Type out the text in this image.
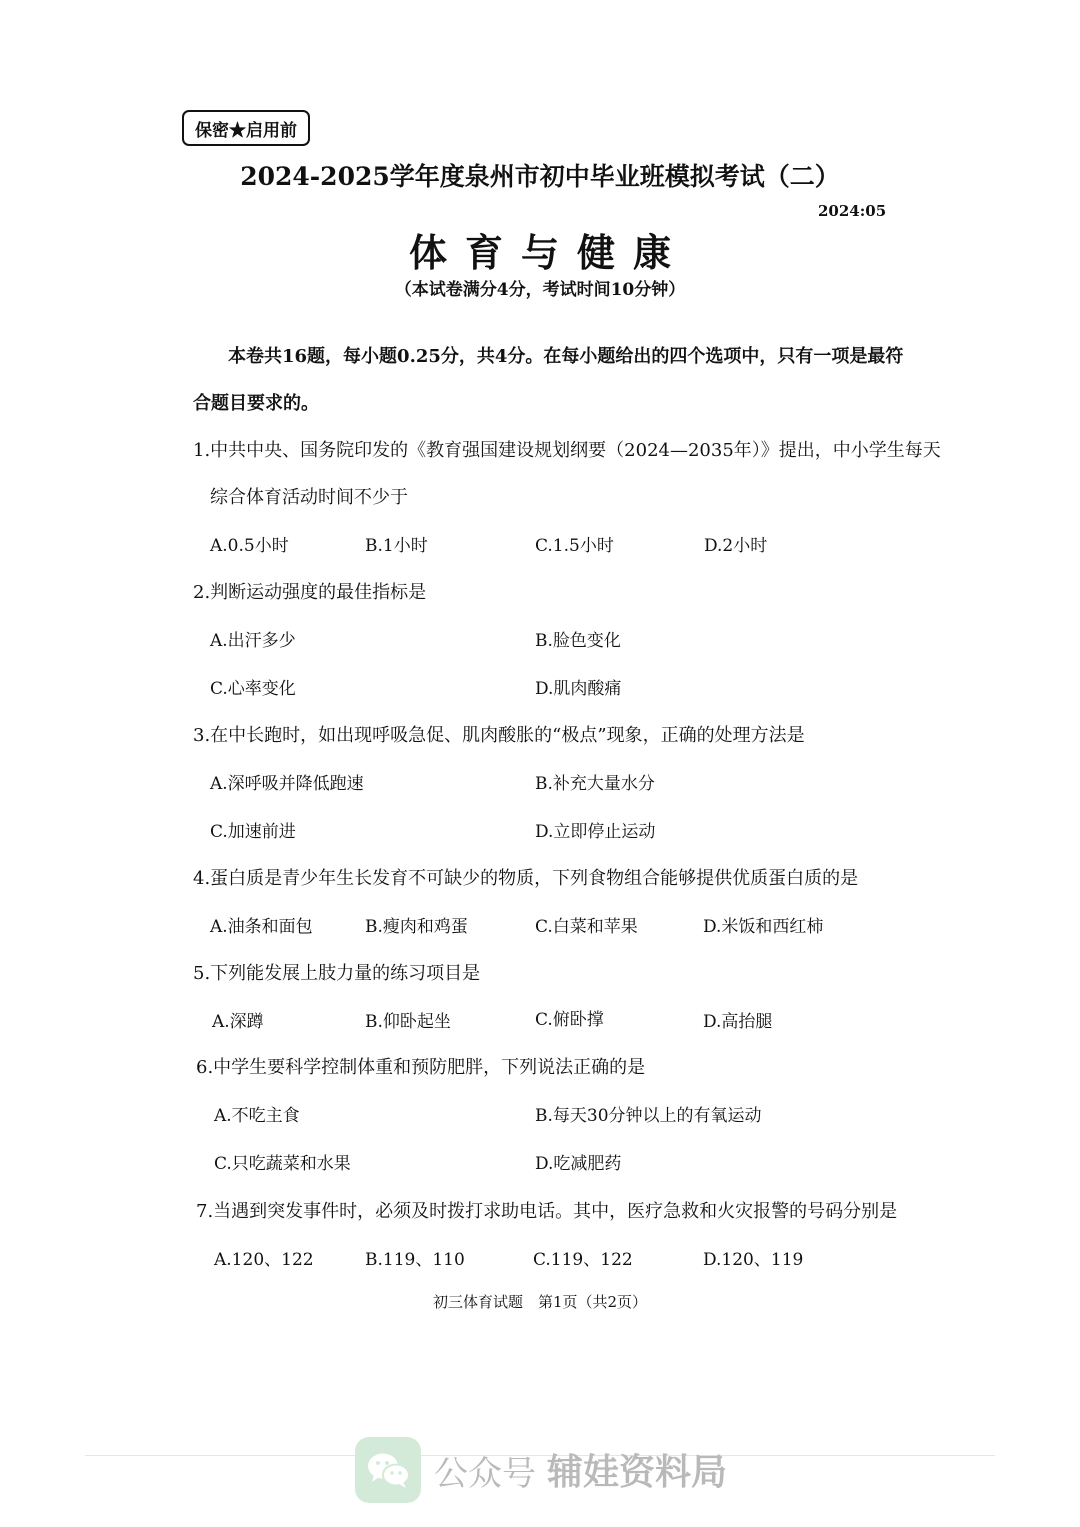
保密★启用前
2024-2025学年度泉州市初中毕业班模拟考试（二）
2024:05
体育与健康
（本试卷满分4分，考试时间10分钟）
本卷共16题，每小题0.25分，共4分。在每小题给出的四个选项中，只有一项是最符
合题目要求的。
1.中共中央、国务院印发的《教育强国建设规划纲要（2024—2035年）》提出，中小学生每天
综合体育活动时间不少于
A.0.5小时	B.1小时	C.1.5小时	D.2小时
2.判断运动强度的最佳指标是
A.出汗多少	B.脸色变化
C.心率变化	D.肌肉酸痛
3.在中长跑时，如出现呼吸急促、肌肉酸胀的“极点”现象，正确的处理方法是
A.深呼吸并降低跑速	B.补充大量水分
C.加速前进	D.立即停止运动
4.蛋白质是青少年生长发育不可缺少的物质，下列食物组合能够提供优质蛋白质的是
A.油条和面包	B.瘦肉和鸡蛋	C.白菜和苹果	D.米饭和西红柿
5.下列能发展上肢力量的练习项目是
A.深蹲	B.仰卧起坐	C.俯卧撑	D.高抬腿
6.中学生要科学控制体重和预防肥胖，下列说法正确的是
A.不吃主食	B.每天30分钟以上的有氧运动
C.只吃蔬菜和水果	D.吃减肥药
7.当遇到突发事件时，必须及时拨打求助电话。其中，医疗急救和火灾报警的号码分别是
A.120、122	B.119、110	C.119、122	D.120、119
初三体育试题　第1页（共2页）
公众号 辅娃资料局
